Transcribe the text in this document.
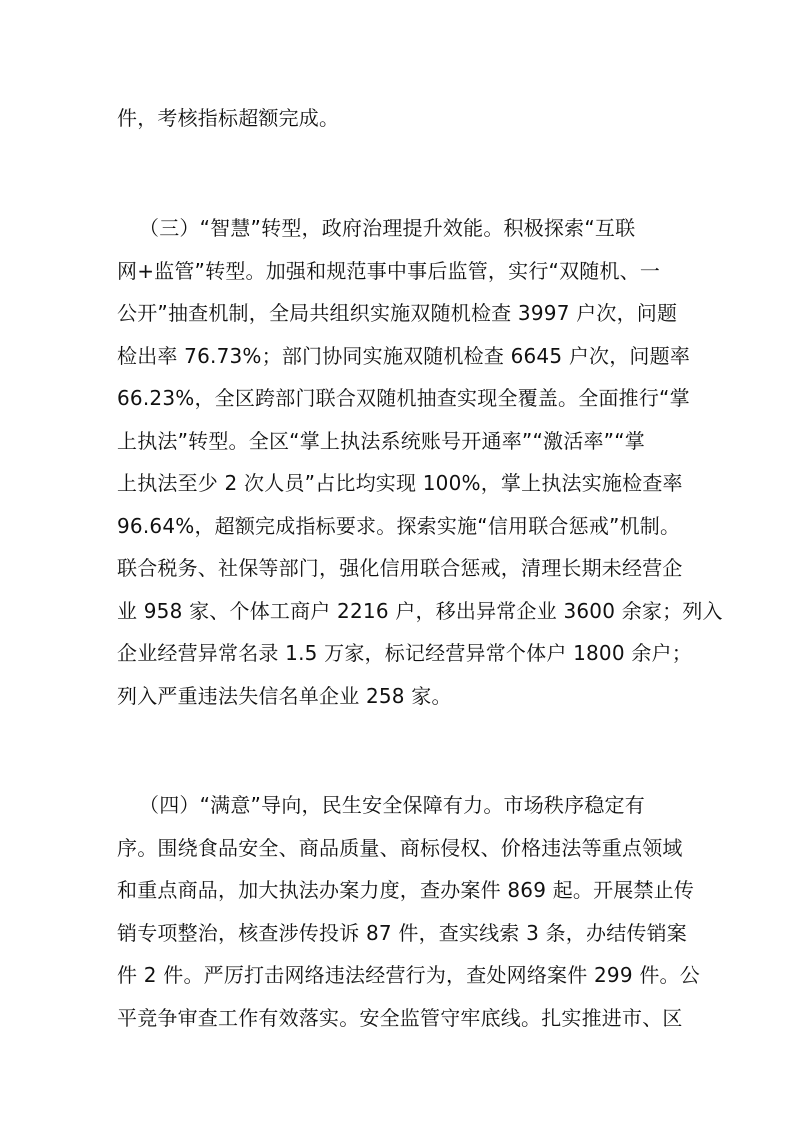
件，考核指标超额完成。
（三）“智慧”转型，政府治理提升效能。积极探索“互联
网+监管”转型。加强和规范事中事后监管，实行“双随机、一
公开”抽查机制，全局共组织实施双随机检查 3997 户次，问题
检出率 76.73%；部门协同实施双随机检查 6645 户次，问题率
66.23%，全区跨部门联合双随机抽查实现全覆盖。全面推行“掌
上执法”转型。全区“掌上执法系统账号开通率”“激活率”“掌
上执法至少 2 次人员”占比均实现 100%，掌上执法实施检查率
96.64%，超额完成指标要求。探索实施“信用联合惩戒”机制。
联合税务、社保等部门，强化信用联合惩戒，清理长期未经营企
业 958 家、个体工商户 2216 户，移出异常企业 3600 余家；列入
企业经营异常名录 1.5 万家，标记经营异常个体户 1800 余户；
列入严重违法失信名单企业 258 家。
（四）“满意”导向，民生安全保障有力。市场秩序稳定有
序。围绕食品安全、商品质量、商标侵权、价格违法等重点领域
和重点商品，加大执法办案力度，查办案件 869 起。开展禁止传
销专项整治，核查涉传投诉 87 件，查实线索 3 条，办结传销案
件 2 件。严厉打击网络违法经营行为，查处网络案件 299 件。公
平竞争审查工作有效落实。安全监管守牢底线。扎实推进市、区
